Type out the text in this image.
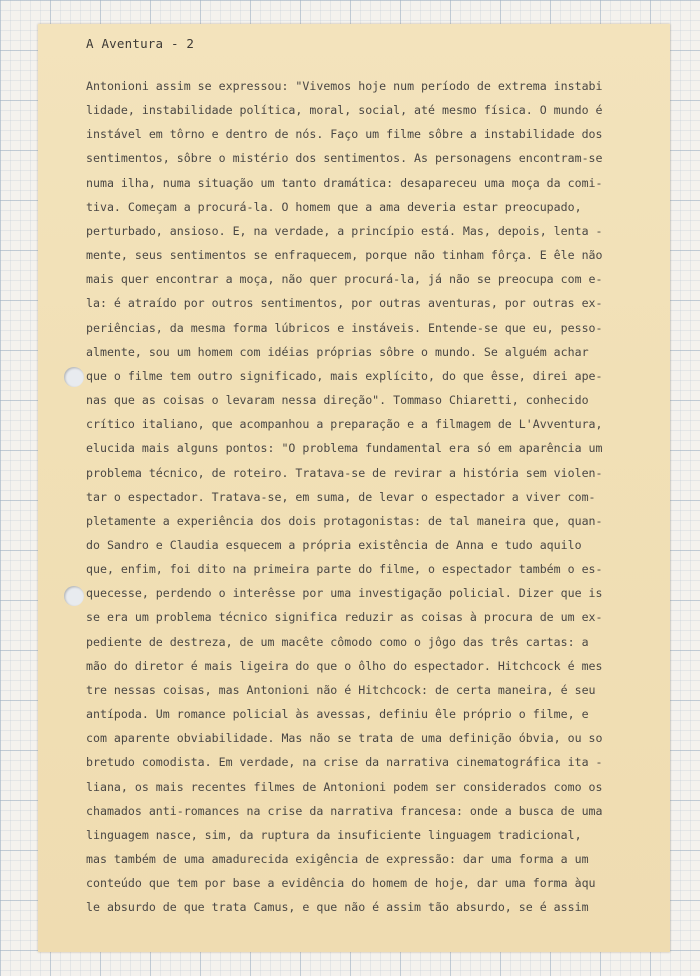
A Aventura - 2
Antonioni assim se expressou: "Vivemos hoje num período de extrema instabi
lidade, instabilidade política, moral, social, até mesmo física. O mundo é
instável em tôrno e dentro de nós. Faço um filme sôbre a instabilidade dos
sentimentos, sôbre o mistério dos sentimentos. As personagens encontram-se
numa ilha, numa situação um tanto dramática: desapareceu uma moça da comi-
tiva. Começam a procurá-la. O homem que a ama deveria estar preocupado,
perturbado, ansioso. E, na verdade, a princípio está. Mas, depois, lenta -
mente, seus sentimentos se enfraquecem, porque não tinham fôrça. E êle não
mais quer encontrar a moça, não quer procurá-la, já não se preocupa com e-
la: é atraído por outros sentimentos, por outras aventuras, por outras ex-
periências, da mesma forma lúbricos e instáveis. Entende-se que eu, pesso-
almente, sou um homem com idéias próprias sôbre o mundo. Se alguém achar
que o filme tem outro significado, mais explícito, do que êsse, direi ape-
nas que as coisas o levaram nessa direção". Tommaso Chiaretti, conhecido
crítico italiano, que acompanhou a preparação e a filmagem de L'Avventura,
elucida mais alguns pontos: "O problema fundamental era só em aparência um
problema técnico, de roteiro. Tratava-se de revirar a história sem violen-
tar o espectador. Tratava-se, em suma, de levar o espectador a viver com-
pletamente a experiência dos dois protagonistas: de tal maneira que, quan-
do Sandro e Claudia esquecem a própria existência de Anna e tudo aquilo
que, enfim, foi dito na primeira parte do filme, o espectador também o es-
quecesse, perdendo o interêsse por uma investigação policial. Dizer que is
se era um problema técnico significa reduzir as coisas à procura de um ex-
pediente de destreza, de um macête cômodo como o jôgo das três cartas: a
mão do diretor é mais ligeira do que o ôlho do espectador. Hitchcock é mes
tre nessas coisas, mas Antonioni não é Hitchcock: de certa maneira, é seu
antípoda. Um romance policial às avessas, definiu êle próprio o filme, e
com aparente obviabilidade. Mas não se trata de uma definição óbvia, ou so
bretudo comodista. Em verdade, na crise da narrativa cinematográfica ita -
liana, os mais recentes filmes de Antonioni podem ser considerados como os
chamados anti-romances na crise da narrativa francesa: onde a busca de uma
linguagem nasce, sim, da ruptura da insuficiente linguagem tradicional,
mas também de uma amadurecida exigência de expressão: dar uma forma a um
conteúdo que tem por base a evidência do homem de hoje, dar uma forma àqu
le absurdo de que trata Camus, e que não é assim tão absurdo, se é assim
